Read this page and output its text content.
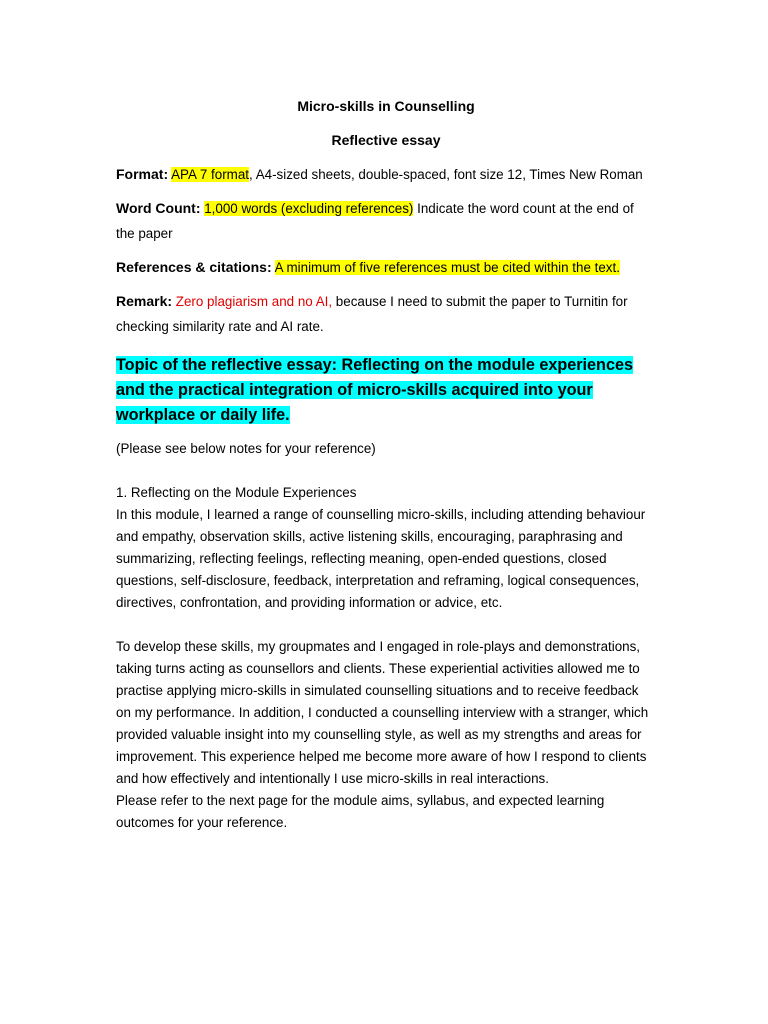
Micro-skills in Counselling

Reflective essay

Format: APA 7 format, A4-sized sheets, double-spaced, font size 12, Times New Roman

Word Count: 1,000 words (excluding references) Indicate the word count at the end of the paper

References & citations: A minimum of five references must be cited within the text.

Remark: Zero plagiarism and no AI, because I need to submit the paper to Turnitin for checking similarity rate and AI rate.

Topic of the reflective essay: Reflecting on the module experiences and the practical integration of micro-skills acquired into your workplace or daily life.

(Please see below notes for your reference)

1. Reflecting on the Module Experiences
In this module, I learned a range of counselling micro-skills, including attending behaviour and empathy, observation skills, active listening skills, encouraging, paraphrasing and summarizing, reflecting feelings, reflecting meaning, open-ended questions, closed questions, self-disclosure, feedback, interpretation and reframing, logical consequences, directives, confrontation, and providing information or advice, etc.
To develop these skills, my groupmates and I engaged in role-plays and demonstrations, taking turns acting as counsellors and clients. These experiential activities allowed me to practise applying micro-skills in simulated counselling situations and to receive feedback on my performance. In addition, I conducted a counselling interview with a stranger, which provided valuable insight into my counselling style, as well as my strengths and areas for improvement. This experience helped me become more aware of how I respond to clients and how effectively and intentionally I use micro-skills in real interactions.
Please refer to the next page for the module aims, syllabus, and expected learning outcomes for your reference.
